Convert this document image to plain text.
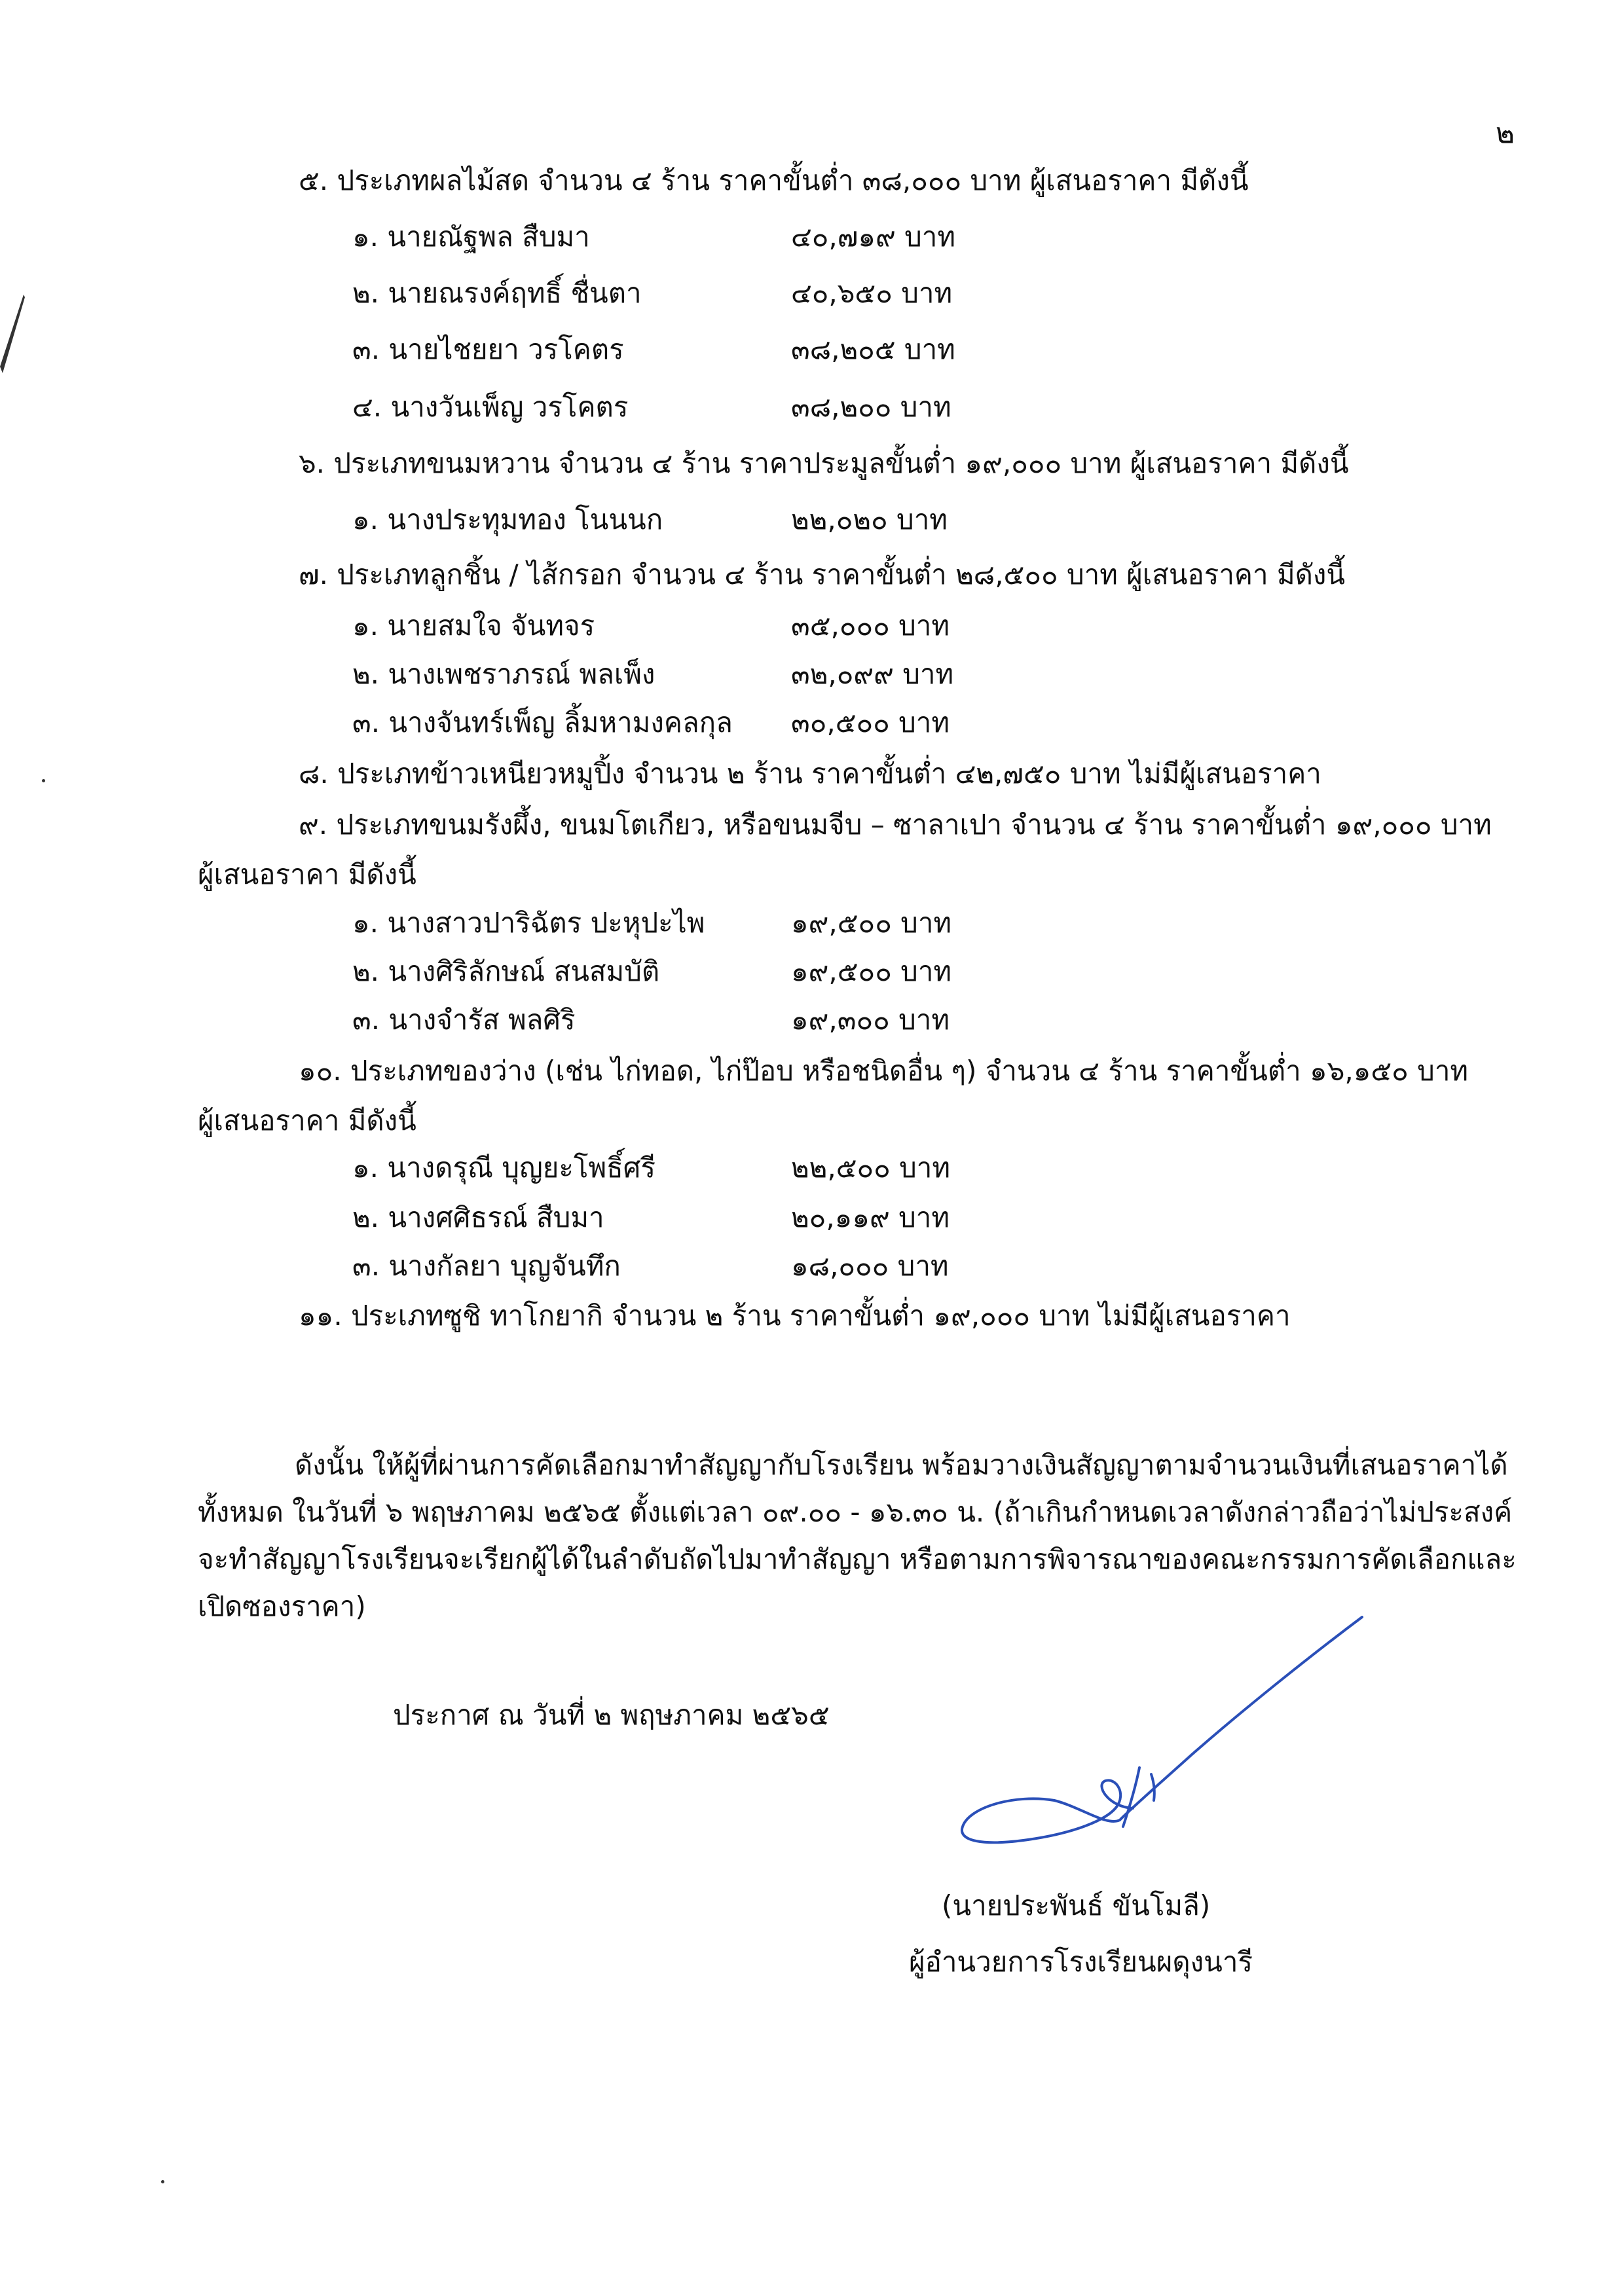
๒
๕. ประเภทผลไม้สด จำนวน ๔ ร้าน ราคาขั้นต่ำ ๓๘,๐๐๐ บาท ผู้เสนอราคา มีดังนี้
๑. นายณัฐพล สืบมา	๔๐,๗๑๙ บาท
๒. นายณรงค์ฤทธิ์ ชื่นตา	๔๐,๖๕๐ บาท
๓. นายไชยยา วรโคตร	๓๘,๒๐๕ บาท
๔. นางวันเพ็ญ วรโคตร	๓๘,๒๐๐ บาท
๖. ประเภทขนมหวาน จำนวน ๔ ร้าน ราคาประมูลขั้นต่ำ ๑๙,๐๐๐ บาท ผู้เสนอราคา มีดังนี้
๑. นางประทุมทอง โนนนก	๒๒,๐๒๐ บาท
๗. ประเภทลูกชิ้น / ไส้กรอก จำนวน ๔ ร้าน ราคาขั้นต่ำ ๒๘,๕๐๐ บาท ผู้เสนอราคา มีดังนี้
๑. นายสมใจ จันทจร	๓๕,๐๐๐ บาท
๒. นางเพชราภรณ์ พลเพ็ง	๓๒,๐๙๙ บาท
๓. นางจันทร์เพ็ญ ลิ้มหามงคลกุล ๓๐,๕๐๐ บาท
๘. ประเภทข้าวเหนียวหมูปิ้ง จำนวน ๒ ร้าน ราคาขั้นต่ำ ๔๒,๗๕๐ บาท ไม่มีผู้เสนอราคา
๙. ประเภทขนมรังผึ้ง, ขนมโตเกียว, หรือขนมจีบ – ซาลาเปา จำนวน ๔ ร้าน ราคาขั้นต่ำ ๑๙,๐๐๐ บาท
ผู้เสนอราคา มีดังนี้
๑. นางสาวปาริฉัตร ปะหุปะไพ	๑๙,๕๐๐ บาท
๒. นางศิริลักษณ์ สนสมบัติ	๑๙,๕๐๐ บาท
๓. นางจำรัส พลศิริ	๑๙,๓๐๐ บาท
๑๐. ประเภทของว่าง (เช่น ไก่ทอด, ไก่ป๊อบ หรือชนิดอื่น ๆ) จำนวน ๔ ร้าน ราคาขั้นต่ำ ๑๖,๑๕๐ บาท
ผู้เสนอราคา มีดังนี้
๑. นางดรุณี บุญยะโพธิ์ศรี	๒๒,๕๐๐ บาท
๒. นางศศิธรณ์ สืบมา	๒๐,๑๑๙ บาท
๓. นางกัลยา บุญจันทึก	๑๘,๐๐๐ บาท
๑๑. ประเภทซูชิ ทาโกยากิ จำนวน ๒ ร้าน ราคาขั้นต่ำ ๑๙,๐๐๐ บาท ไม่มีผู้เสนอราคา
ดังนั้น ให้ผู้ที่ผ่านการคัดเลือกมาทำสัญญากับโรงเรียน พร้อมวางเงินสัญญาตามจำนวนเงินที่เสนอราคาได้
ทั้งหมด ในวันที่ ๖ พฤษภาคม ๒๕๖๕ ตั้งแต่เวลา ๐๙.๐๐ - ๑๖.๓๐ น. (ถ้าเกินกำหนดเวลาดังกล่าวถือว่าไม่ประสงค์
จะทำสัญญาโรงเรียนจะเรียกผู้ได้ในลำดับถัดไปมาทำสัญญา หรือตามการพิจารณาของคณะกรรมการคัดเลือกและ
เปิดซองราคา)
ประกาศ ณ วันที่ ๒ พฤษภาคม ๒๕๖๕
(นายประพันธ์ ขันโมลี)
ผู้อำนวยการโรงเรียนผดุงนารี
